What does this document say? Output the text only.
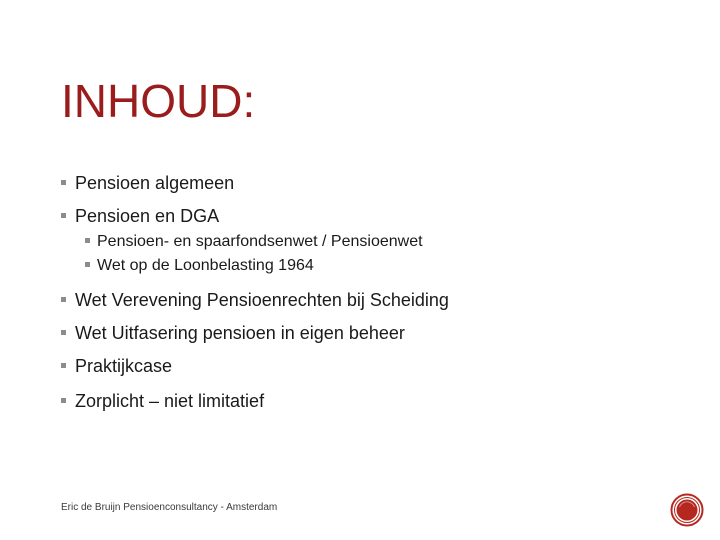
INHOUD:
Pensioen algemeen
Pensioen en DGA
Pensioen- en spaarfondsenwet / Pensioenwet
Wet op de Loonbelasting 1964
Wet Verevening Pensioenrechten bij Scheiding
Wet Uitfasering pensioen in eigen beheer
Praktijkcase
Zorplicht – niet limitatief
Eric de Bruijn Pensioenconsultancy - Amsterdam
